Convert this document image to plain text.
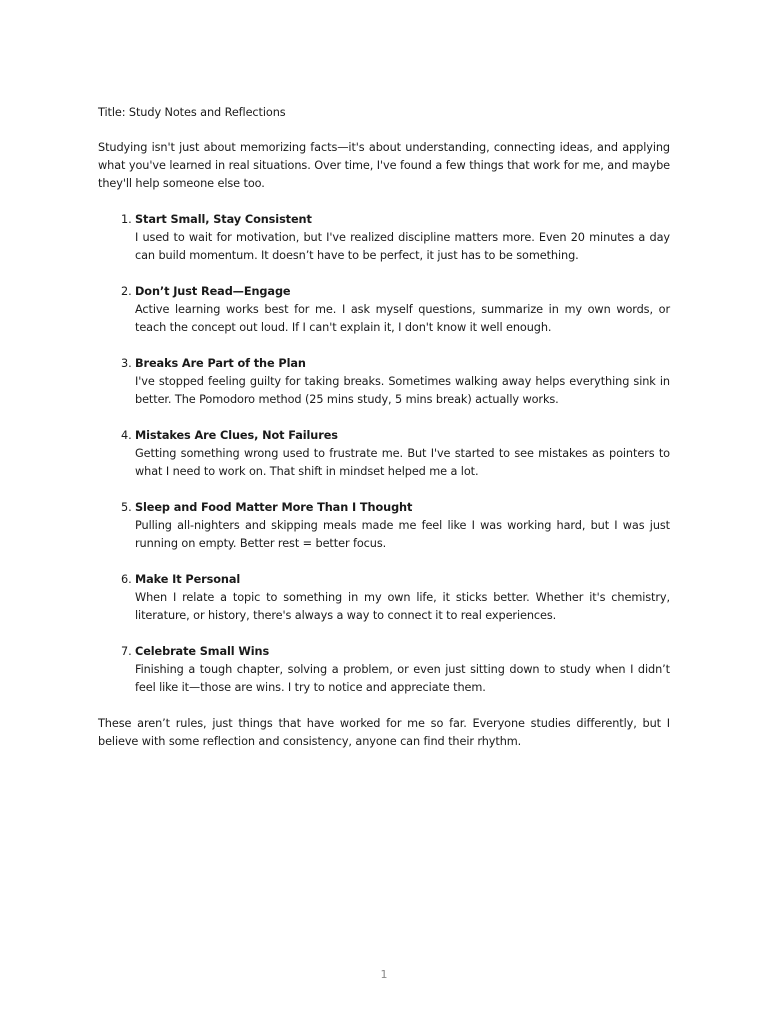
Title: Study Notes and Reflections

Studying isn't just about memorizing facts—it's about understanding, connecting ideas, and applying what you've learned in real situations. Over time, I've found a few things that work for me, and maybe they'll help someone else too.

1. Start Small, Stay Consistent
I used to wait for motivation, but I've realized discipline matters more. Even 20 minutes a day can build momentum. It doesn’t have to be perfect, it just has to be something.
2. Don’t Just Read—Engage
Active learning works best for me. I ask myself questions, summarize in my own words, or teach the concept out loud. If I can't explain it, I don't know it well enough.
3. Breaks Are Part of the Plan
I've stopped feeling guilty for taking breaks. Sometimes walking away helps everything sink in better. The Pomodoro method (25 mins study, 5 mins break) actually works.
4. Mistakes Are Clues, Not Failures
Getting something wrong used to frustrate me. But I've started to see mistakes as pointers to what I need to work on. That shift in mindset helped me a lot.
5. Sleep and Food Matter More Than I Thought
Pulling all-nighters and skipping meals made me feel like I was working hard, but I was just running on empty. Better rest = better focus.
6. Make It Personal
When I relate a topic to something in my own life, it sticks better. Whether it's chemistry, literature, or history, there's always a way to connect it to real experiences.
7. Celebrate Small Wins
Finishing a tough chapter, solving a problem, or even just sitting down to study when I didn’t feel like it—those are wins. I try to notice and appreciate them.

These aren’t rules, just things that have worked for me so far. Everyone studies differently, but I believe with some reflection and consistency, anyone can find their rhythm.

1
